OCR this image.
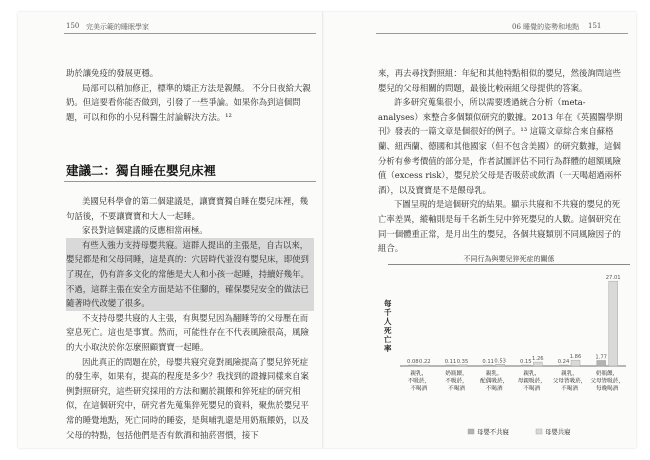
150 完美示範的睡眠學家	06 睡覺的姿勢和地點 151

助於讓免疫的發展更穩。

局部可以稍加修正，標準的矯正方法是親餵。 不分日夜給大親奶。但這要看你能否做到，引發了一些爭論。如果你為到這個問題，可以和你的小兒科醫生討論解決方法。¹²

建議二：獨自睡在嬰兒床裡

美國兒科學會的第二個建議是，讓寶寶獨自睡在嬰兒床裡，幾句話後，不要讓寶寶和大人一起睡。

家長對這個建議的反應相當兩極。

有些人強力支持母嬰共寢。這群人提出的主張是，自古以來，嬰兒都是和父母同睡，這是真的：穴居時代並沒有嬰兒床，即使到了現在，仍有許多文化的常態是大人和小孩一起睡，持續好幾年。不過，這群主張在安全方面是站不住腳的，確保嬰兒安全的做法已隨著時代改變了很多。

不支持母嬰共寢的人主張，有與嬰兒因為翻睡等的父母壓在而窒息死亡。這也是事實。然而，可能性存在不代表風險很高，風險的大小取決於你怎麼照顧寶寶一起睡。

因此真正的問題在於，母嬰共寢究竟對風險提高了嬰兒猝死症的發生率，如果有，提高的程度是多少？我找到的證據同樣來自案例對照研究，這些研究採用的方法和關於親餵和猝死症的研究相似，在這個研究中，研究者先蒐集猝死嬰兒的資料，聚焦於嬰兒平常的睡覺地點，死亡同時的睡姿，是與哺乳還是用奶瓶餵奶，以及父母的特點，包括他們是否有飲酒和抽菸習慣，接下

來，再去尋找對照組：年紀和其他特點相似的嬰兒，然後詢問這些嬰兒的父母相關的問題，最後比較兩組父母提供的答案。

許多研究蒐集很小，所以需要透過統合分析（meta-analyses）來整合多個類似研究的數據。2013 年在《英國醫學期刊》發表的一篇文章是個很好的例子。¹³ 這篇文章綜合來自蘇格蘭、紐西蘭、德國和其他國家（但不包含美國）的研究數據，這個分析有參考價值的部分是，作者試圖評估不同行為群體的超額風險值（excess risk），嬰兒於父母是否吸菸或飲酒（一天喝超過兩杯酒），以及寶寶是不是餵母乳。

下圖呈現的是這個研究的結果。顯示共寢和不共寢的嬰兒的死亡率差異，縱軸則是每千名新生兒中猝死嬰兒的人數。這個研究在同一個體重正常，是月出生的嬰兒，各個共寢類別不同風險因子的組合。

不同行為與嬰兒猝死症的關係
每千人死亡率
0.08 0.22
親乳，不吸菸，不喝酒
0.11 0.35
奶瓶餵，不吸菸，不喝酒
0.11 0.53
親乳，配偶吸菸，不喝酒
0.15 1.26
親乳，母親吸菸，不喝酒
0.24
1.86
親乳，父母皆吸菸，不喝酒
1.77
27.01
奶瓶餵，父母皆吸菸，每晚喝酒
母嬰不共寢	母嬰共寢
